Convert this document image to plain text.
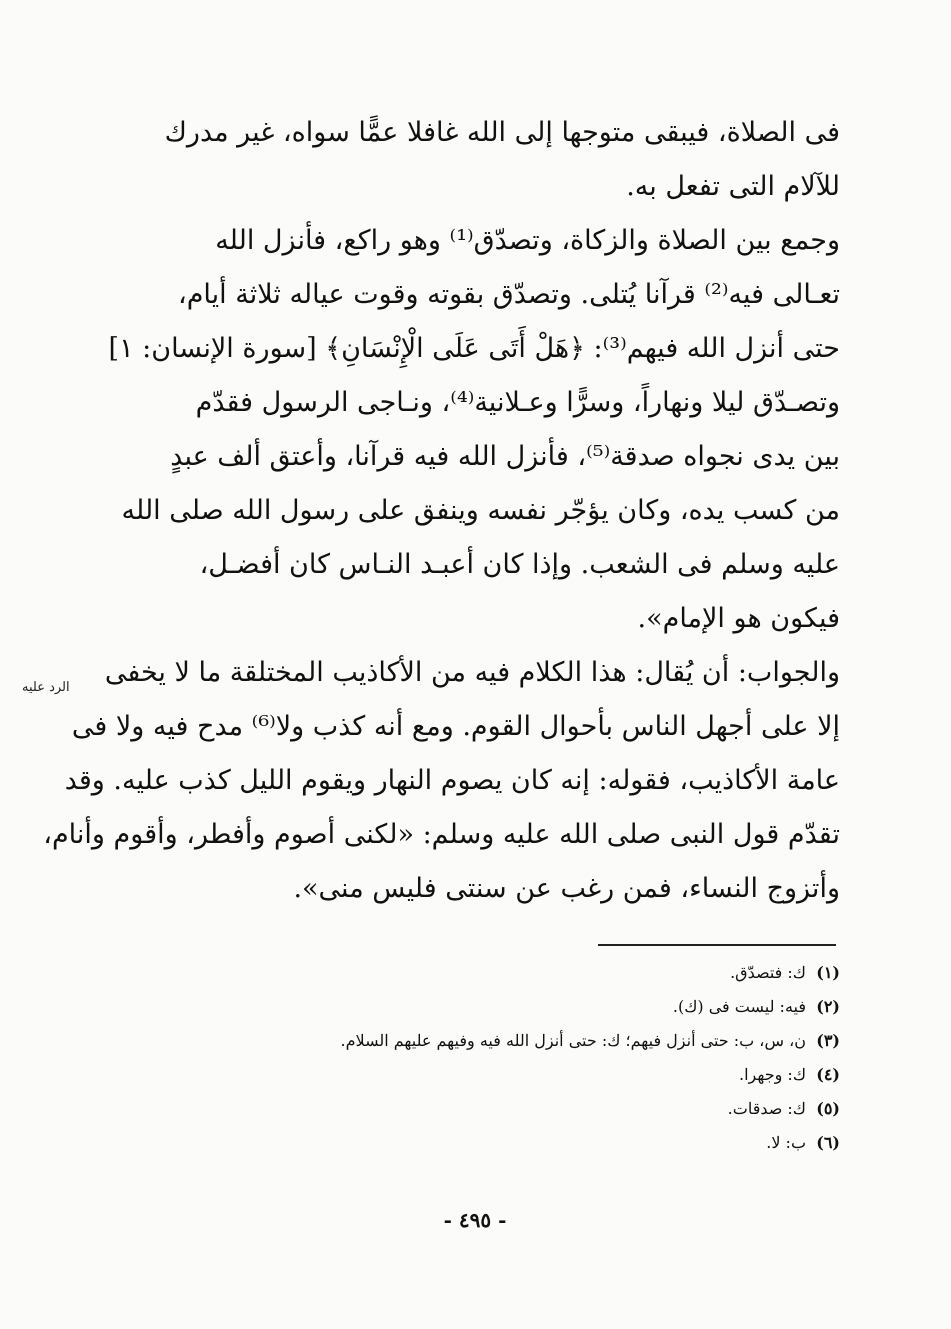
فى الصلاة، فيبقى متوجها إلى الله غافلا عمًّا سواه، غير مدرك
للآلام التى تفعل به.
وجمع بين الصلاة والزكاة، وتصدّق⁽¹⁾ وهو راكع، فأنزل الله
تعـالى فيه⁽²⁾ قرآنا يُتلى. وتصدّق بقوته وقوت عياله ثلاثة أيام،
حتى أنزل الله فيهم⁽³⁾: ﴿هَلْ أَتَى عَلَى الْإِنْسَانِ﴾ [سورة الإنسان: ١]
وتصـدّق ليلا ونهاراً، وسرًّا وعـلانية⁽⁴⁾، ونـاجى الرسول فقدّم
بين يدى نجواه صدقة⁽⁵⁾، فأنزل الله فيه قرآنا، وأعتق ألف عبدٍ
من كسب يده، وكان يؤجّر نفسه وينفق على رسول الله صلى الله
عليه وسلم فى الشعب. وإذا كان أعبـد النـاس كان أفضـل،
فيكون هو الإمام».
والجواب: أن يُقال: هذا الكلام فيه من الأكاذيب المختلقة ما لا يخفى
إلا على أجهل الناس بأحوال القوم. ومع أنه كذب ولا⁽⁶⁾ مدح فيه ولا فى
عامة الأكاذيب، فقوله: إنه كان يصوم النهار ويقوم الليل كذب عليه. وقد
تقدّم قول النبى صلى الله عليه وسلم: «لكنى أصوم وأفطر، وأقوم وأنام،
وأتزوج النساء، فمن رغب عن سنتى فليس منى».
الرد عليه
(١)ك: فتصدّق.
(٢)فيه: ليست فى (ك).
(٣)ن، س، ب: حتى أنزل فيهم؛ ك: حتى أنزل الله فيه وفيهم عليهم السلام.
(٤)ك: وجهرا.
(٥)ك: صدقات.
(٦)ب: لا.
- ٤٩٥ -
